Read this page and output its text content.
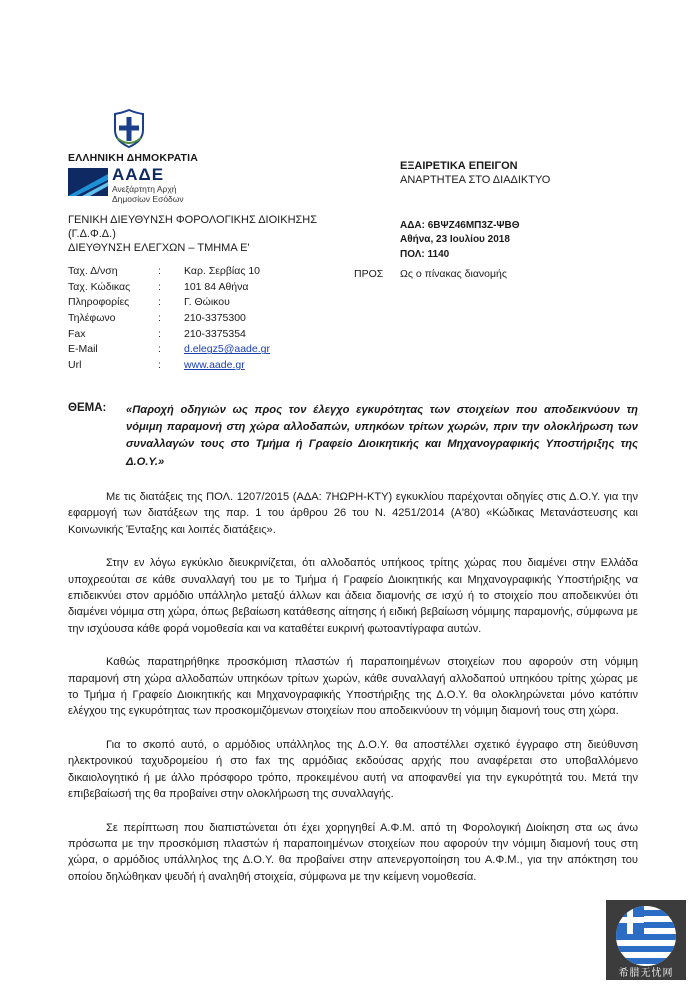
ΕΛΛΗΝΙΚΗ ΔΗΜΟΚΡΑΤΙΑ
ΑΑΔΕ
Ανεξάρτητη Αρχή
Δημοσίων Εσόδων
ΓΕΝΙΚΗ ΔΙΕΥΘΥΝΣΗ ΦΟΡΟΛΟΓΙΚΗΣ ΔΙΟΙΚΗΣΗΣ
(Γ.Δ.Φ.Δ.)
ΔΙΕΥΘΥΝΣΗ ΕΛΕΓΧΩΝ – ΤΜΗΜΑ Ε'
Ταχ. Δ/νση	: Καρ. Σερβίας 10
Ταχ. Κώδικας	: 101 84 Αθήνα
Πληροφορίες	: Γ. Θώικου
Τηλέφωνο	: 210-3375300
Fax	: 210-3375354
E-Mail	: d.elegz5@aade.gr
Url	: www.aade.gr
ΕΞΑΙΡΕΤΙΚΑ ΕΠΕΙΓΟΝ
ΑΝΑΡΤΗΤΕΑ ΣΤΟ ΔΙΑΔΙΚΤΥΟ
ΑΔΑ: 6ΒΨΖ46ΜΠ3Ζ-ΨΒΘ
Αθήνα, 23 Ιουλίου 2018
ΠΟΛ: 1140
ΠΡΟΣ Ως ο πίνακας διανομής
ΘΕΜΑ: «Παροχή οδηγιών ως προς τον έλεγχο εγκυρότητας των στοιχείων που αποδεικνύουν τη νόμιμη παραμονή στη χώρα αλλοδαπών, υπηκόων τρίτων χωρών, πριν την ολοκλήρωση των συναλλαγών τους στο Τμήμα ή Γραφείο Διοικητικής και Μηχανογραφικής Υποστήριξης της Δ.Ο.Υ.»

Με τις διατάξεις της ΠΟΛ. 1207/2015 (ΑΔΑ: 7ΗΩΡΗ-ΚΤΥ) εγκυκλίου παρέχονται οδηγίες στις Δ.Ο.Υ. για την εφαρμογή των διατάξεων της παρ. 1 του άρθρου 26 του Ν. 4251/2014 (Α'80) «Κώδικας Μετανάστευσης και Κοινωνικής Ένταξης και λοιπές διατάξεις».

Στην εν λόγω εγκύκλιο διευκρινίζεται, ότι αλλοδαπός υπήκοος τρίτης χώρας που διαμένει στην Ελλάδα υποχρεούται σε κάθε συναλλαγή του με το Τμήμα ή Γραφείο Διοικητικής και Μηχανογραφικής Υποστήριξης να επιδεικνύει στον αρμόδιο υπάλληλο μεταξύ άλλων και άδεια διαμονής σε ισχύ ή το στοιχείο που αποδεικνύει ότι διαμένει νόμιμα στη χώρα, όπως βεβαίωση κατάθεσης αίτησης ή ειδική βεβαίωση νόμιμης παραμονής, σύμφωνα με την ισχύουσα κάθε φορά νομοθεσία και να καταθέτει ευκρινή φωτοαντίγραφα αυτών.

Καθώς παρατηρήθηκε προσκόμιση πλαστών ή παραποιημένων στοιχείων που αφορούν στη νόμιμη παραμονή στη χώρα αλλοδαπών υπηκόων τρίτων χωρών, κάθε συναλλαγή αλλοδαπού υπηκόου τρίτης χώρας με το Τμήμα ή Γραφείο Διοικητικής και Μηχανογραφικής Υποστήριξης της Δ.Ο.Υ. θα ολοκληρώνεται μόνο κατόπιν ελέγχου της εγκυρότητας των προσκομιζόμενων στοιχείων που αποδεικνύουν τη νόμιμη διαμονή τους στη χώρα.

Για το σκοπό αυτό, ο αρμόδιος υπάλληλος της Δ.Ο.Υ. θα αποστέλλει σχετικό έγγραφο στη διεύθυνση ηλεκτρονικού ταχυδρομείου ή στο fax της αρμόδιας εκδούσας αρχής που αναφέρεται στο υποβαλλόμενο δικαιολογητικό ή με άλλο πρόσφορο τρόπο, προκειμένου αυτή να αποφανθεί για την εγκυρότητά του. Μετά την επιβεβαίωσή της θα προβαίνει στην ολοκλήρωση της συναλλαγής.

Σε περίπτωση που διαπιστώνεται ότι έχει χορηγηθεί Α.Φ.Μ. από τη Φορολογική Διοίκηση στα ως άνω πρόσωπα με την προσκόμιση πλαστών ή παραποιημένων στοιχείων που αφορούν την νόμιμη διαμονή τους στη χώρα, ο αρμόδιος υπάλληλος της Δ.Ο.Υ. θα προβαίνει στην απενεργοποίηση του Α.Φ.Μ., για την απόκτηση του οποίου δηλώθηκαν ψευδή ή αναληθή στοιχεία, σύμφωνα με την κείμενη νομοθεσία.

希腊无忧网
